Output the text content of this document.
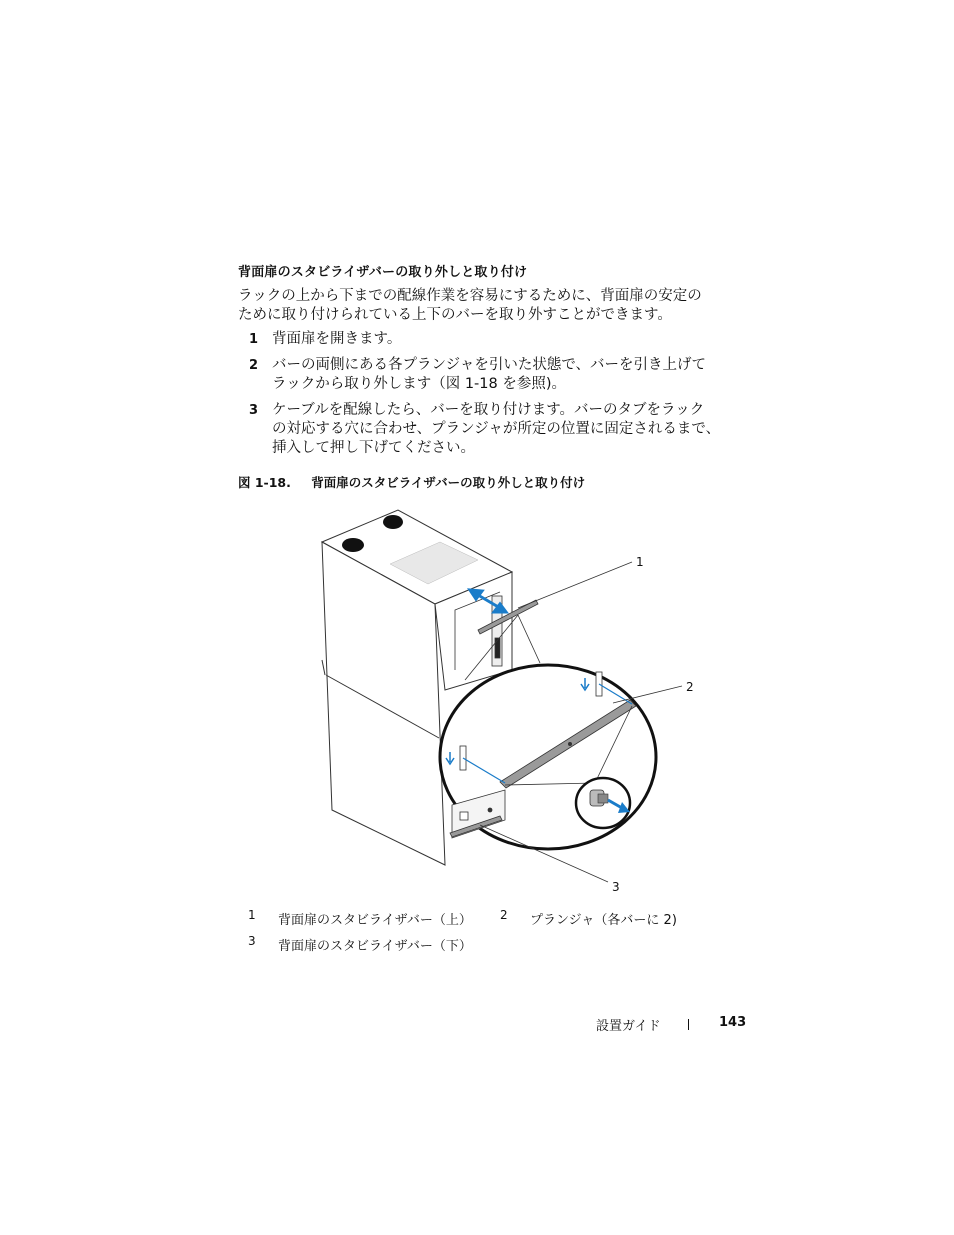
背面扉のスタビライザバーの取り外しと取り付け
ラックの上から下までの配線作業を容易にするために、背面扉の安定の
ために取り付けられている上下のバーを取り外すことができます。
1 背面扉を開きます。
2 バーの両側にある各プランジャを引いた状態で、バーを引き上げて
ラックから取り外します（図 1-18 を参照)。
3 ケーブルを配線したら、バーを取り付けます。バーのタブをラック
の対応する穴に合わせ、プランジャが所定の位置に固定されるまで、
挿入して押し下げてください。
図 1-18. 背面扉のスタビライザバーの取り外しと取り付け
1
2
3
1 背面扉のスタビライザバー（上） 2 プランジャ（各バーに 2)
3 背面扉のスタビライザバー（下）
設置ガイド	143
